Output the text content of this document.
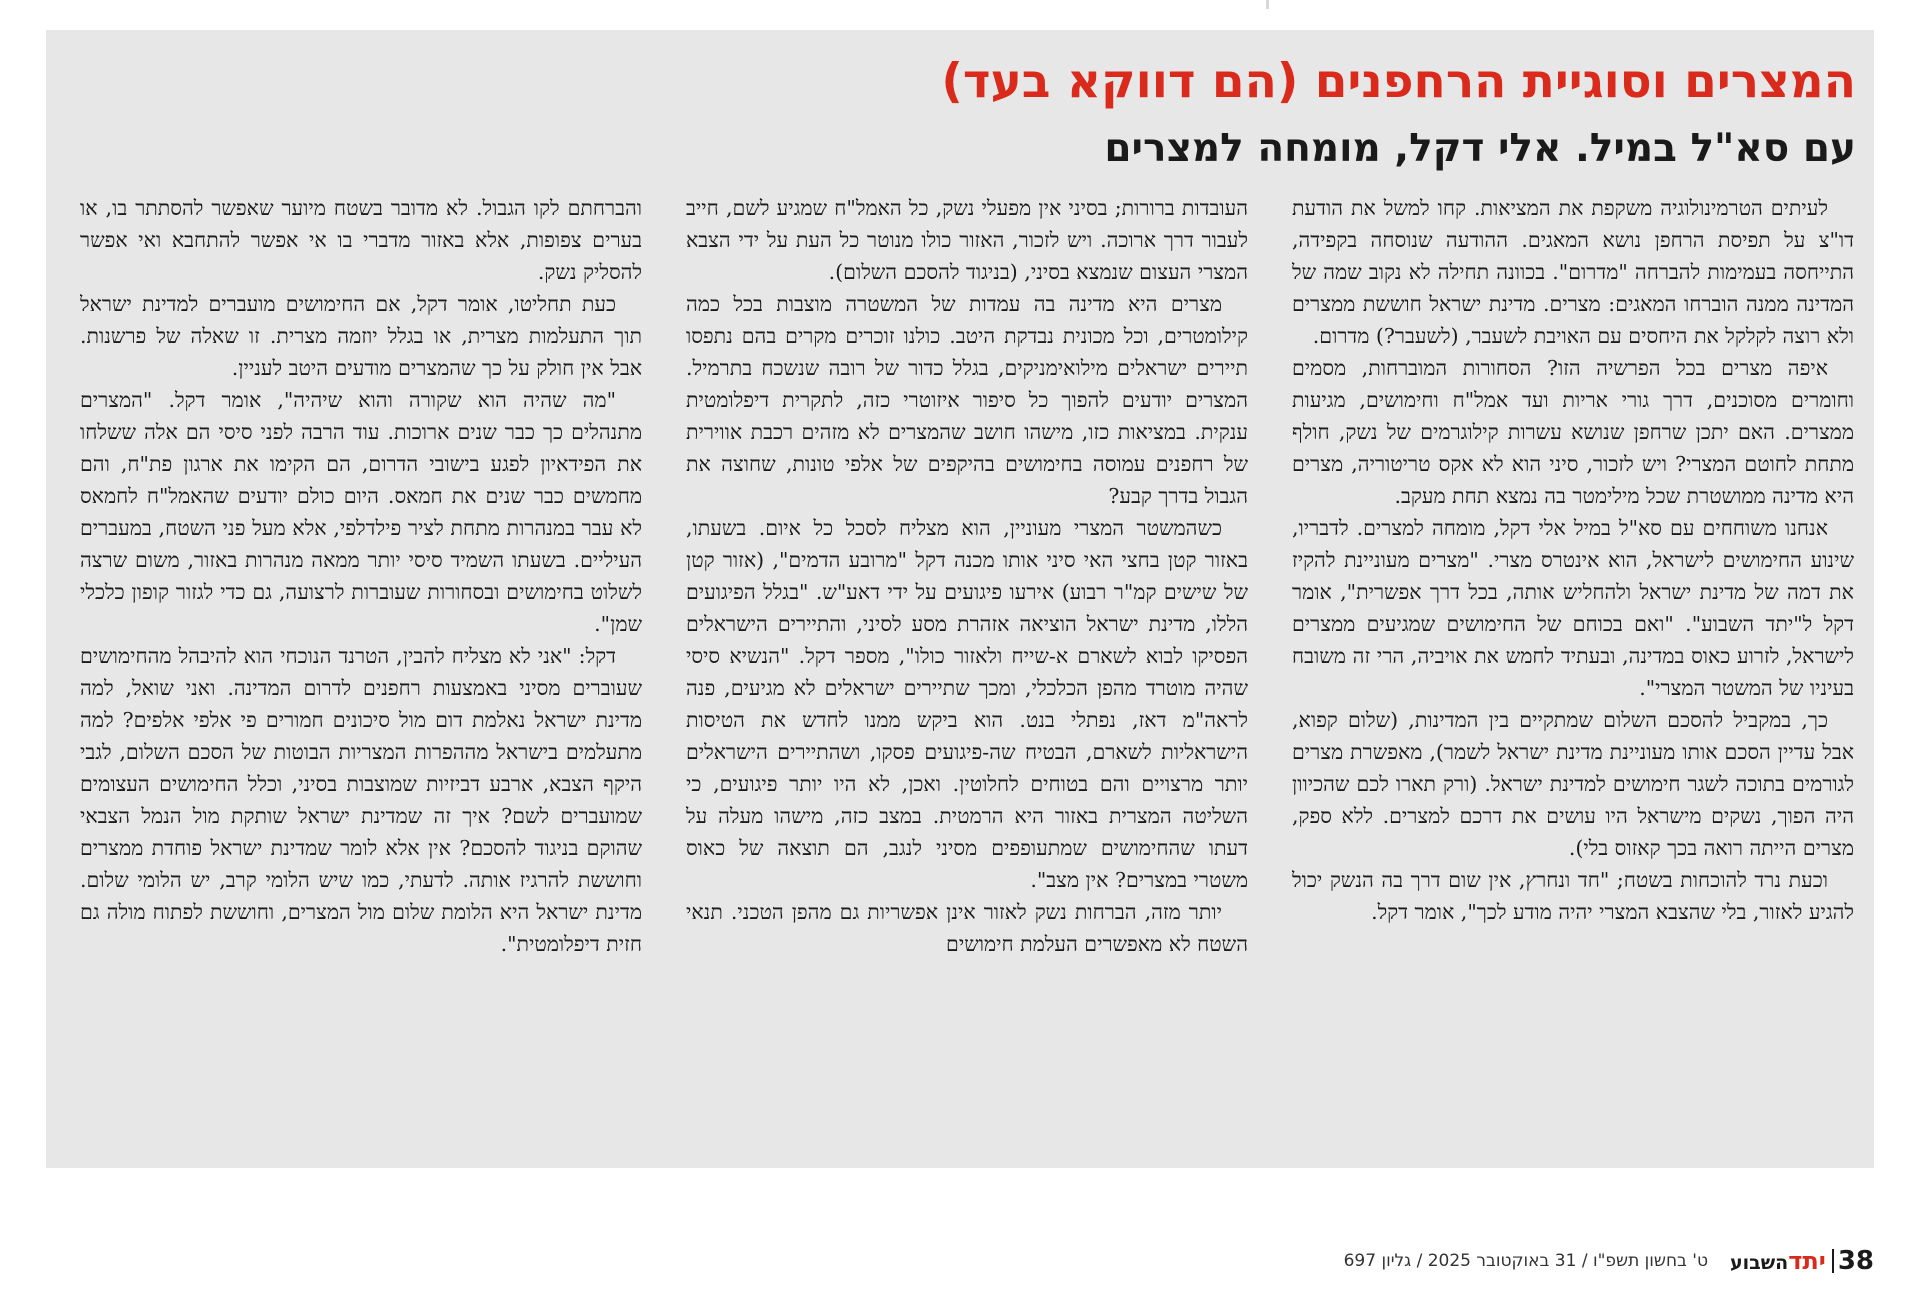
המצרים וסוגיית הרחפנים (הם דווקא בעד)
עם סא"ל במיל. אלי דקל, מומחה למצרים

לעיתים הטרמינולוגיה משקפת את המציאות. קחו למשל את הודעת דו"צ על תפיסת הרחפן נושא המאגים. ההודעה שנוסחה בקפידה, התייחסה בעמימות להברחה "מדרום". בכוונה תחילה לא נקוב שמה של המדינה ממנה הוברחו המאגים: מצרים. מדינת ישראל חוששת ממצרים ולא רוצה לקלקל את היחסים עם האויבת לשעבר, (לשעבר?) מדרום.

איפה מצרים בכל הפרשיה הזו? הסחורות המוברחות, מסמים וחומרים מסוכנים, דרך גורי אריות ועד אמל"ח וחימושים, מגיעות ממצרים. האם יתכן שרחפן שנושא עשרות קילוגרמים של נשק, חולף מתחת לחוטם המצרי? ויש לזכור, סיני הוא לא אקס טריטוריה, מצרים היא מדינה ממושטרת שכל מילימטר בה נמצא תחת מעקב.

אנחנו משוחחים עם סא"ל במיל אלי דקל, מומחה למצרים. לדבריו, שינוע החימושים לישראל, הוא אינטרס מצרי. "מצרים מעוניינת להקיז את דמה של מדינת ישראל ולהחליש אותה, בכל דרך אפשרית", אומר דקל ל"יתד השבוע". "ואם בכוחם של החימושים שמגיעים ממצרים לישראל, לזרוע כאוס במדינה, ובעתיד לחמש את אויביה, הרי זה משובח בעיניו של המשטר המצרי".

כך, במקביל להסכם השלום שמתקיים בין המדינות, (שלום קפוא, אבל עדיין הסכם אותו מעוניינת מדינת ישראל לשמר), מאפשרת מצרים לגורמים בתוכה לשגר חימושים למדינת ישראל. (ורק תארו לכם שהכיוון היה הפוך, נשקים מישראל היו עושים את דרכם למצרים. ללא ספק, מצרים הייתה רואה בכך קאזוס בלי).

וכעת נרד להוכחות בשטח; "חד ונחרץ, אין שום דרך בה הנשק יכול להגיע לאזור, בלי שהצבא המצרי יהיה מודע לכך", אומר דקל.

העובדות ברורות; בסיני אין מפעלי נשק, כל האמל"ח שמגיע לשם, חייב לעבור דרך ארוכה. ויש לזכור, האזור כולו מנוטר כל העת על ידי הצבא המצרי העצום שנמצא בסיני, (בניגוד להסכם השלום).

מצרים היא מדינה בה עמדות של המשטרה מוצבות בכל כמה קילומטרים, וכל מכונית נבדקת היטב. כולנו זוכרים מקרים בהם נתפסו תיירים ישראלים מילואימניקים, בגלל כדור של רובה שנשכח בתרמיל. המצרים יודעים להפוך כל סיפור איזוטרי כזה, לתקרית דיפלומטית ענקית. במציאות כזו, מישהו חושב שהמצרים לא מזהים רכבת אווירית של רחפנים עמוסה בחימושים בהיקפים של אלפי טונות, שחוצה את הגבול בדרך קבע?

כשהמשטר המצרי מעוניין, הוא מצליח לסכל כל איום. בשעתו, באזור קטן בחצי האי סיני אותו מכנה דקל "מרובע הדמים", (אזור קטן של שישים קמ"ר רבוע) אירעו פיגועים על ידי דאע"ש. "בגלל הפיגועים הללו, מדינת ישראל הוציאה אזהרת מסע לסיני, והתיירים הישראלים הפסיקו לבוא לשארם א-שייח ולאזור כולו", מספר דקל. "הנשיא סיסי שהיה מוטרד מהפן הכלכלי, ומכך שתיירים ישראלים לא מגיעים, פנה לראה"מ דאז, נפתלי בנט. הוא ביקש ממנו לחדש את הטיסות הישראליות לשארם, הבטיח שה-פיגועים פסקו, ושהתיירים הישראלים יותר מרצויים והם בטוחים לחלוטין. ואכן, לא היו יותר פיגועים, כי השליטה המצרית באזור היא הרמטית. במצב כזה, מישהו מעלה על דעתו שהחימושים שמתעופפים מסיני לנגב, הם תוצאה של כאוס משטרי במצרים? אין מצב".

יותר מזה, הברחות נשק לאזור אינן אפשריות גם מהפן הטכני. תנאי השטח לא מאפשרים העלמת חימושים

והברחתם לקו הגבול. לא מדובר בשטח מיוער שאפשר להסתתר בו, או בערים צפופות, אלא באזור מדברי בו אי אפשר להתחבא ואי אפשר להסליק נשק.

כעת תחליטו, אומר דקל, אם החימושים מועברים למדינת ישראל תוך התעלמות מצרית, או בגלל יוזמה מצרית. זו שאלה של פרשנות. אבל אין חולק על כך שהמצרים מודעים היטב לעניין.

"מה שהיה הוא שקורה והוא שיהיה", אומר דקל. "המצרים מתנהלים כך כבר שנים ארוכות. עוד הרבה לפני סיסי הם אלה ששלחו את הפידאיון לפגע בישובי הדרום, הם הקימו את ארגון פת"ח, והם מחמשים כבר שנים את חמאס. היום כולם יודעים שהאמל"ח לחמאס לא עבר במנהרות מתחת לציר פילדלפי, אלא מעל פני השטח, במעברים העיליים. בשעתו השמיד סיסי יותר ממאה מנהרות באזור, משום שרצה לשלוט בחימושים ובסחורות שעוברות לרצועה, גם כדי לגזור קופון כלכלי שמן".

דקל: "אני לא מצליח להבין, הטרנד הנוכחי הוא להיבהל מהחימושים שעוברים מסיני באמצעות רחפנים לדרום המדינה. ואני שואל, למה מדינת ישראל נאלמת דום מול סיכונים חמורים פי אלפי אלפים? למה מתעלמים בישראל מההפרות המצריות הבוטות של הסכם השלום, לגבי היקף הצבא, ארבע דביזיות שמוצבות בסיני, וכלל החימושים העצומים שמועברים לשם? איך זה שמדינת ישראל שותקת מול הנמל הצבאי שהוקם בניגוד להסכם? אין אלא לומר שמדינת ישראל פוחדת ממצרים וחוששת להרגיז אותה. לדעתי, כמו שיש הלומי קרב, יש הלומי שלום. מדינת ישראל היא הלומת שלום מול המצרים, וחוששת לפתוח מולה גם חזית דיפלומטית".

38
יתדהשבוע
ט' בחשון תשפ"ו / 31 באוקטובר 2025 / גליון 697
